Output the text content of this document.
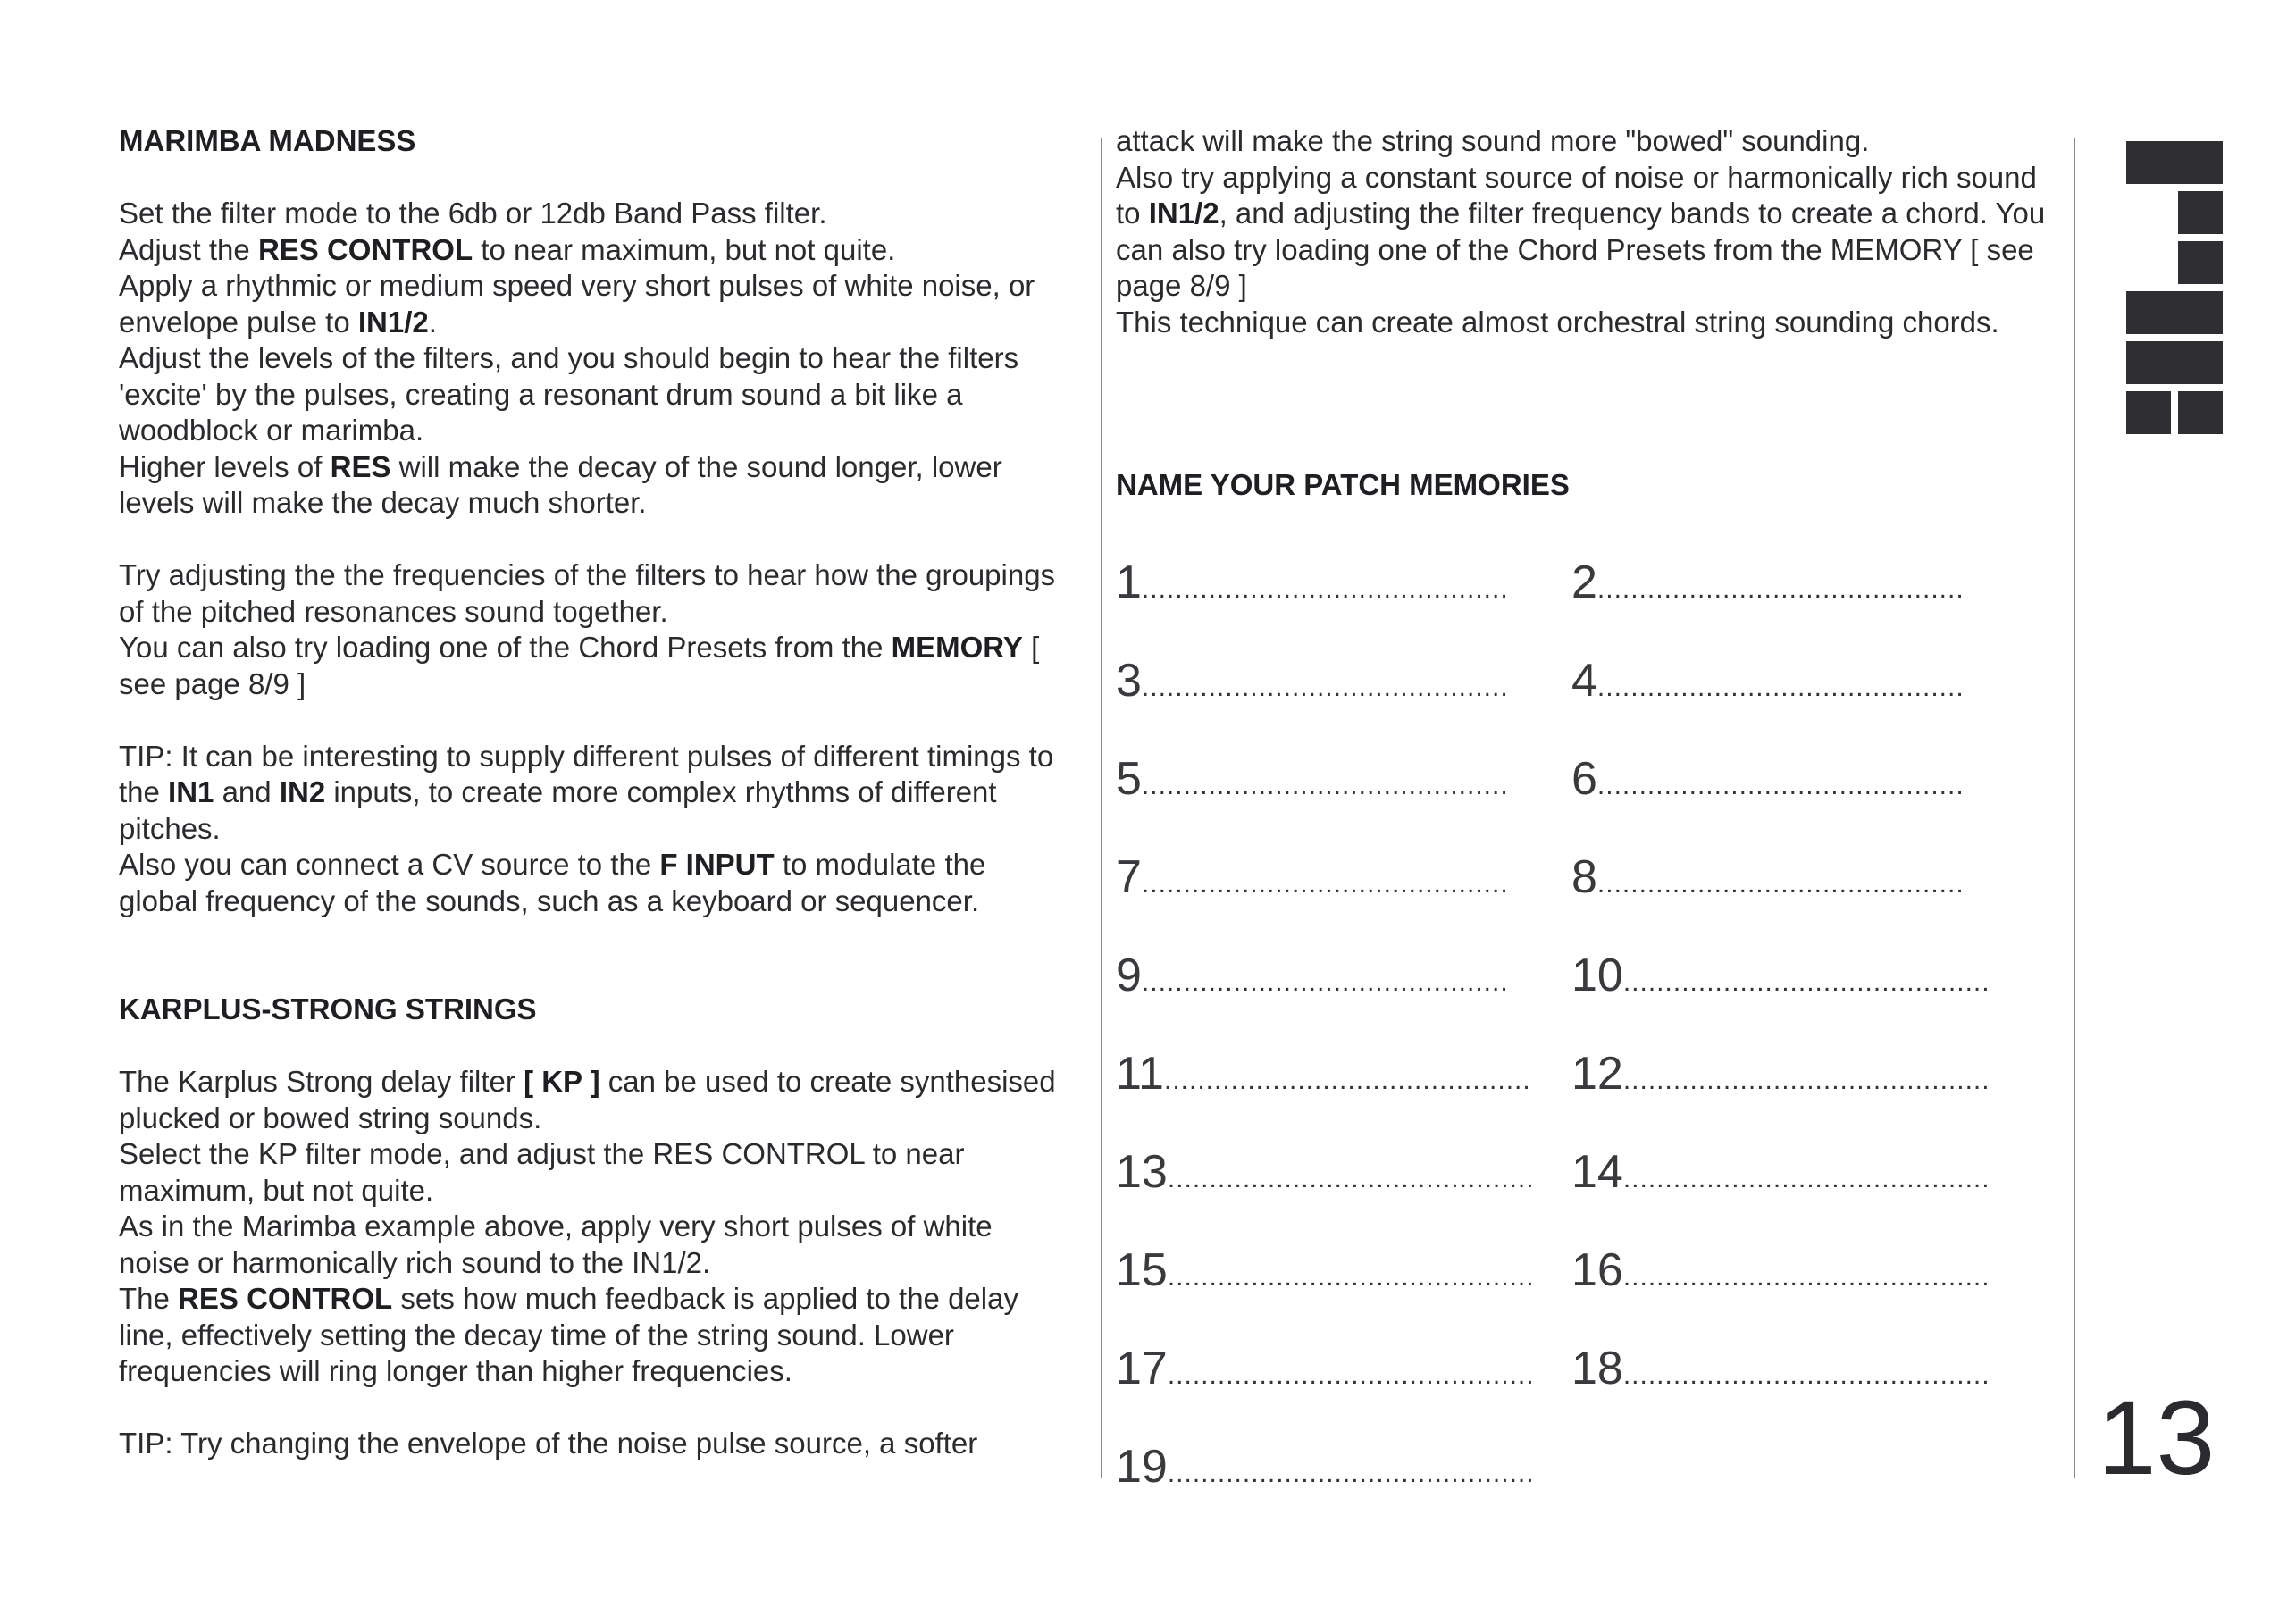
MARIMBA MADNESS

Set the filter mode to the 6db or 12db Band Pass filter.

Adjust the RES CONTROL to near maximum, but not quite.

Apply a rhythmic or medium speed very short pulses of white noise, or envelope pulse to IN1/2.

Adjust the levels of the filters, and you should begin to hear the filters 'excite' by the pulses, creating a resonant drum sound a bit like a woodblock or marimba.

Higher levels of RES will make the decay of the sound longer, lower levels will make the decay much shorter.

Try adjusting the the frequencies of the filters to hear how the groupings of the pitched resonances sound together.

You can also try loading one of the Chord Presets from the MEMORY [ see page 8/9 ]

TIP: It can be interesting to supply different pulses of different timings to the IN1 and IN2 inputs, to create more complex rhythms of different pitches.

Also you can connect a CV source to the F INPUT to modulate the global frequency of the sounds, such as a keyboard or sequencer.

KARPLUS-STRONG STRINGS

The Karplus Strong delay filter [ KP ] can be used to create synthesised plucked or bowed string sounds.

Select the KP filter mode, and adjust the RES CONTROL to near maximum, but not quite.

As in the Marimba example above, apply very short pulses of white noise or harmonically rich sound to the IN1/2.

The RES CONTROL sets how much feedback is applied to the delay line, effectively setting the decay time of the string sound. Lower frequencies will ring longer than higher frequencies.

TIP: Try changing the envelope of the noise pulse source, a softer

attack will make the string sound more "bowed" sounding.

Also try applying a constant source of noise or harmonically rich sound

to IN1/2, and adjusting the filter frequency bands to create a chord. You can also try loading one of the Chord Presets from the MEMORY [ see page 8/9 ]

This technique can create almost orchestral string sounding chords.

NAME YOUR PATCH MEMORIES

1 ............................................ 2 ............................................
3 ............................................ 4 ............................................
5 ............................................ 6 ............................................
7 ............................................ 8 ............................................
9 ............................................ 10 ............................................
11 ............................................ 12 ............................................
13 ............................................ 14 ............................................
15 ............................................ 16 ............................................
17 ............................................ 18 ............................................
19 ............................................	13
